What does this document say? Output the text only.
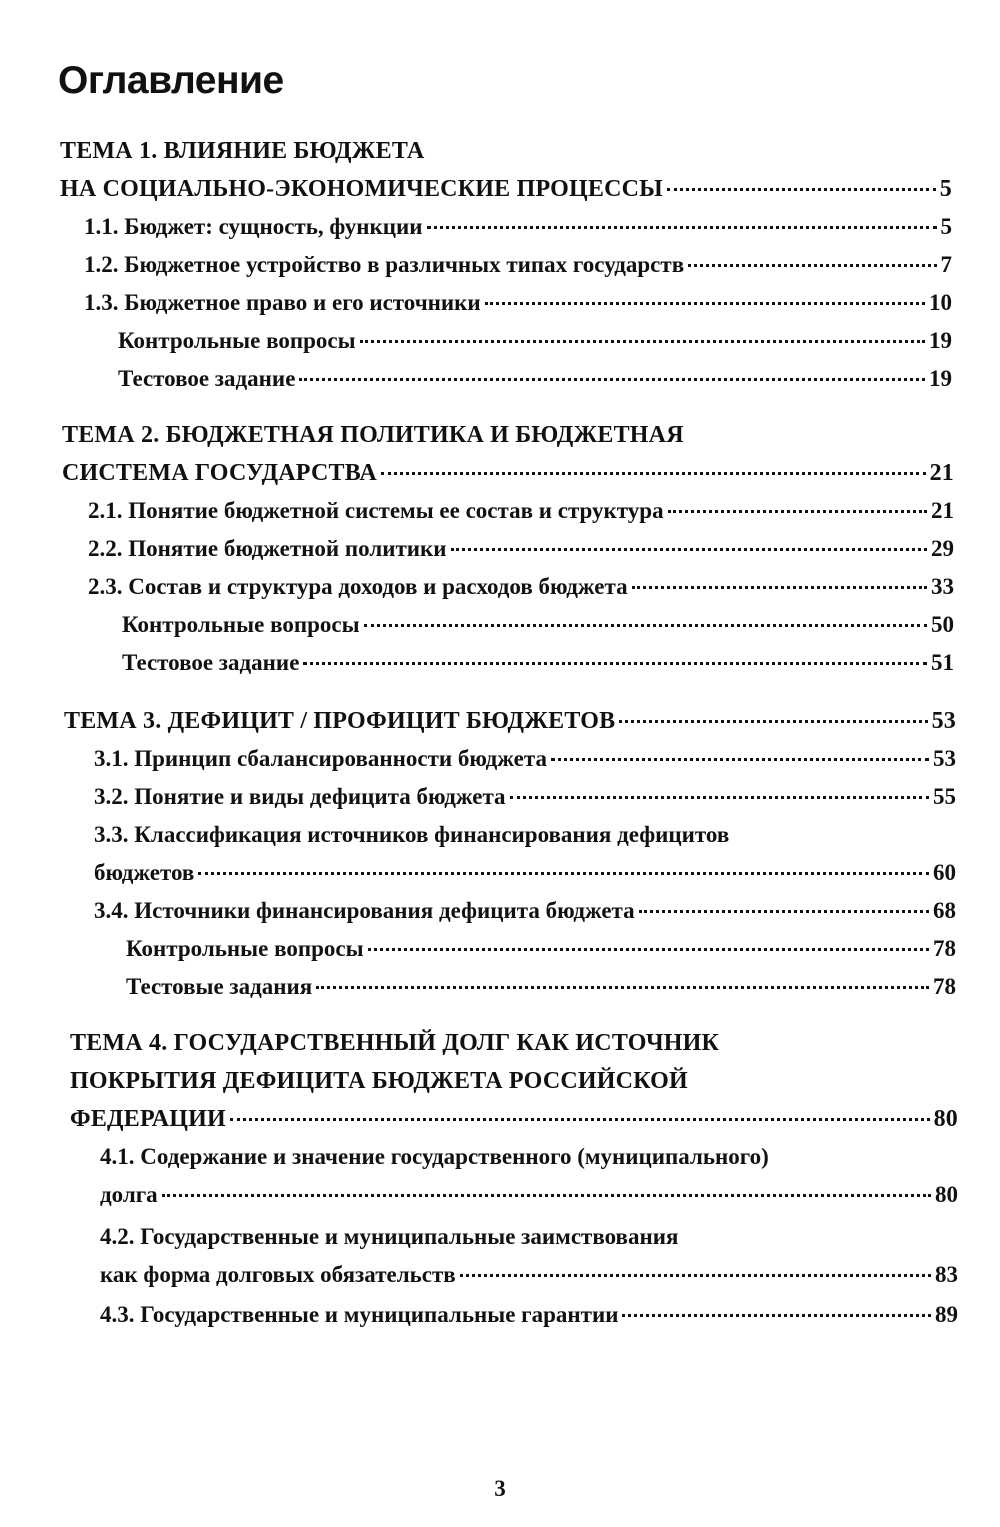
Оглавление
ТЕМА 1. ВЛИЯНИЕ БЮДЖЕТА
НА СОЦИАЛЬНО-ЭКОНОМИЧЕСКИЕ ПРОЦЕССЫ	5
1.1. Бюджет: сущность, функции	5
1.2. Бюджетное устройство в различных типах государств	7
1.3. Бюджетное право и его источники	10
Контрольные вопросы	19
Тестовое задание	19
ТЕМА 2. БЮДЖЕТНАЯ ПОЛИТИКА И БЮДЖЕТНАЯ
СИСТЕМА ГОСУДАРСТВА	21
2.1. Понятие бюджетной системы ее состав и структура	21
2.2. Понятие бюджетной политики	29
2.3. Состав и структура доходов и расходов бюджета	33
Контрольные вопросы	50
Тестовое задание	51
ТЕМА 3. ДЕФИЦИТ / ПРОФИЦИТ БЮДЖЕТОВ	53
3.1. Принцип сбалансированности бюджета	53
3.2. Понятие и виды дефицита бюджета	55
3.3. Классификация источников финансирования дефицитов
бюджетов	60
3.4. Источники финансирования дефицита бюджета	68
Контрольные вопросы	78
Тестовые задания	78
ТЕМА 4. ГОСУДАРСТВЕННЫЙ ДОЛГ КАК ИСТОЧНИК
ПОКРЫТИЯ ДЕФИЦИТА БЮДЖЕТА РОССИЙСКОЙ
ФЕДЕРАЦИИ	80
4.1. Содержание и значение государственного (муниципального)
долга	80
4.2. Государственные и муниципальные заимствования
как форма долговых обязательств	83
4.3. Государственные и муниципальные гарантии	89
3
